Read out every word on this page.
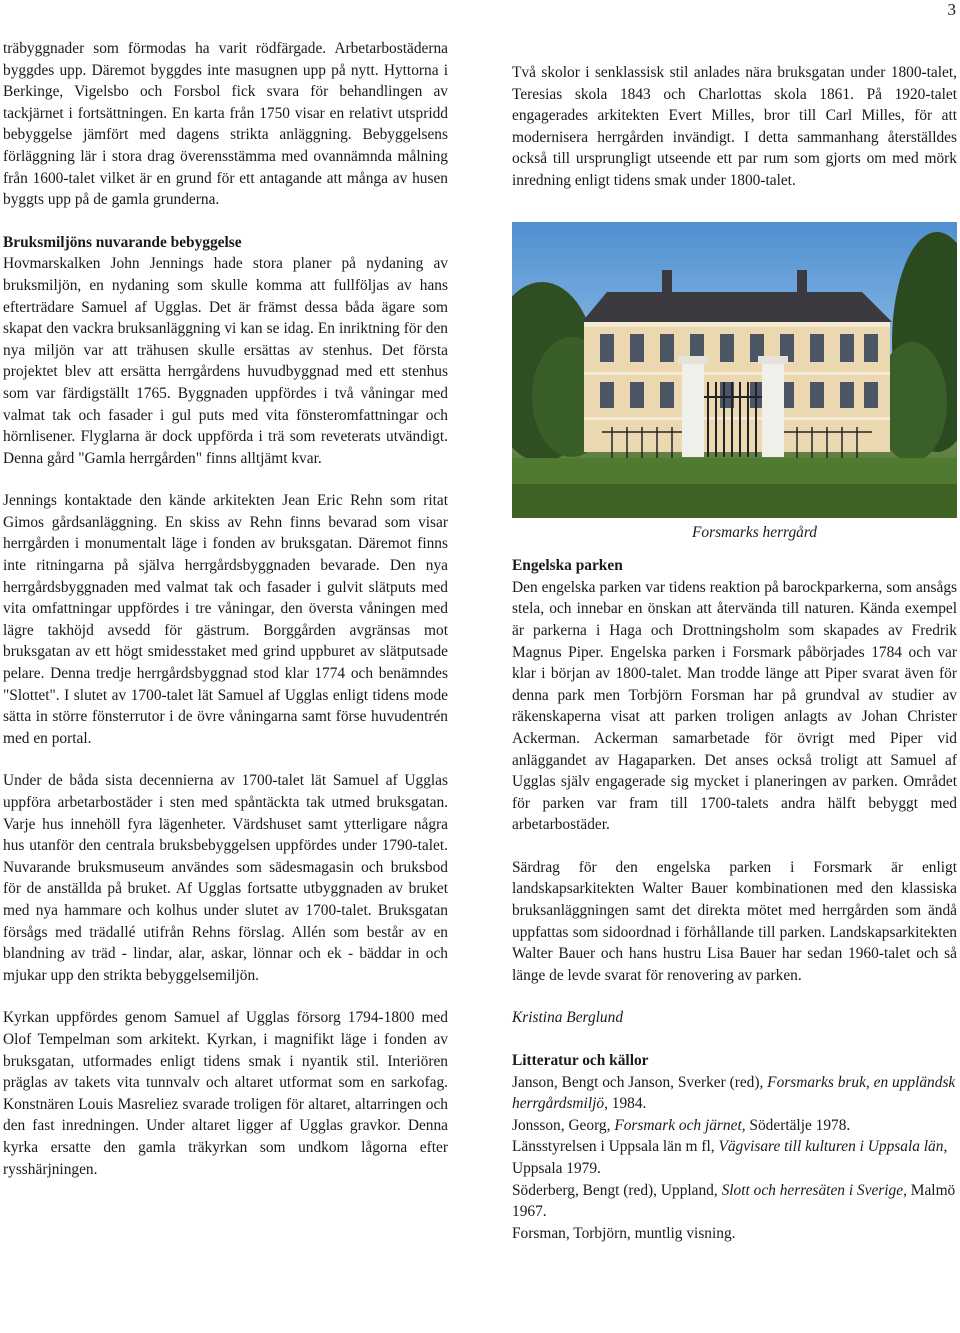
3

träbyggnader som förmodas ha varit rödfärgade. Arbetarbostäderna byggdes upp. Däremot byggdes inte masugnen upp på nytt. Hyttorna i Berkinge, Vigelsbo och Forsbol fick svara för behandlingen av tackjärnet i fortsättningen. En karta från 1750 visar en relativt utspridd bebyggelse jämfört med dagens strikta anläggning. Bebyggelsens förläggning lär i stora drag överensstämma med ovannämnda målning från 1600-talet vilket är en grund för ett antagande att många av husen byggts upp på de gamla grunderna.

Bruksmiljöns nuvarande bebyggelse

Hovmarskalken John Jennings hade stora planer på nydaning av bruksmiljön, en nydaning som skulle komma att fullföljas av hans efterträdare Samuel af Ugglas. Det är främst dessa båda ägare som skapat den vackra bruksanläggning vi kan se idag. En inriktning för den nya miljön var att trähusen skulle ersättas av stenhus. Det första projektet blev att ersätta herrgårdens huvudbyggnad med ett stenhus som var färdigställt 1765. Byggnaden uppfördes i två våningar med valmat tak och fasader i gul puts med vita fönsteromfattningar och hörnlisener. Flyglarna är dock uppförda i trä som reveterats utvändigt. Denna gård "Gamla herrgården" finns alltjämt kvar.

Jennings kontaktade den kände arkitekten Jean Eric Rehn som ritat Gimos gårdsanläggning. En skiss av Rehn finns bevarad som visar herrgården i monumentalt läge i fonden av bruksgatan. Däremot finns inte ritningarna på själva herrgårdsbyggnaden bevarade. Den nya herrgårdsbyggnaden med valmat tak och fasader i gulvit slätputs med vita omfattningar uppfördes i tre våningar, den översta våningen med lägre takhöjd avsedd för gästrum. Borggården avgränsas mot bruksgatan av ett högt smidesstaket med grind uppburet av slätputsade pelare. Denna tredje herrgårdsbyggnad stod klar 1774 och benämndes "Slottet". I slutet av 1700-talet lät Samuel af Ugglas enligt tidens mode sätta in större fönsterrutor i de övre våningarna samt förse huvudentrén med en portal.

Under de båda sista decennierna av 1700-talet lät Samuel af Ugglas uppföra arbetarbostäder i sten med spåntäckta tak utmed bruksgatan. Varje hus innehöll fyra lägenheter. Värdshuset samt ytterligare några hus utanför den centrala bruksbebyggelsen uppfördes under 1790-talet. Nuvarande bruksmuseum användes som sädesmagasin och bruksbod för de anställda på bruket. Af Ugglas fortsatte utbyggnaden av bruket med nya hammare och kolhus under slutet av 1700-talet. Bruksgatan försågs med trädallé utifrån Rehns förslag. Allén som består av en blandning av träd - lindar, alar, askar, lönnar och ek - bäddar in och mjukar upp den strikta bebyggelsemiljön.

Kyrkan uppfördes genom Samuel af Ugglas försorg 1794-1800 med Olof Tempelman som arkitekt. Kyrkan, i magnifikt läge i fonden av bruksgatan, utformades enligt tidens smak i nyantik stil. Interiören präglas av takets vita tunnvalv och altaret utformat som en sarkofag. Konstnären Louis Masreliez svarade troligen för altaret, altarringen och den fast inredningen. Under altaret ligger af Ugglas gravkor. Denna kyrka ersatte den gamla träkyrkan som undkom lågorna efter rysshärjningen.

Två skolor i senklassisk stil anlades nära bruksgatan under 1800-talet, Teresias skola 1843 och Charlottas skola 1861. På 1920-talet engagerades arkitekten Evert Milles, bror till Carl Milles, för att modernisera herrgården invändigt. I detta sammanhang återställdes också till ursprungligt utseende ett par rum som gjorts om med mörk inredning enligt tidens smak under 1800-talet.

Forsmarks herrgård
Engelska parken

Den engelska parken var tidens reaktion på barockparkerna, som ansågs stela, och innebar en önskan att återvända till naturen. Kända exempel är parkerna i Haga och Drottningsholm som skapades av Fredrik Magnus Piper. Engelska parken i Forsmark påbörjades 1784 och var klar i början av 1800-talet. Man trodde länge att Piper svarat även för denna park men Torbjörn Forsman har på grundval av studier av räkenskaperna visat att parken troligen anlagts av Johan Christer Ackerman. Ackerman samarbetade för övrigt med Piper vid anläggandet av Hagaparken. Det anses också troligt att Samuel af Ugglas själv engagerade sig mycket i planeringen av parken. Området för parken var fram till 1700-talets andra hälft bebyggt med arbetarbostäder.

Särdrag för den engelska parken i Forsmark är enligt landskapsarkitekten Walter Bauer kombinationen med den klassiska bruksanläggningen samt det direkta mötet med herrgården som ändå uppfattas som sidoordnad i förhållande till parken. Landskapsarkitekten Walter Bauer och hans hustru Lisa Bauer har sedan 1960-talet och så länge de levde svarat för renovering av parken.

Kristina Berglund

Litteratur och källor

Janson, Bengt och Janson, Sverker (red), Forsmarks bruk, en uppländsk herrgårdsmiljö, 1984.

Jonsson, Georg, Forsmark och järnet, Södertälje 1978.

Länsstyrelsen i Uppsala län m fl, Vägvisare till kulturen i Uppsala län, Uppsala 1979.

Söderberg, Bengt (red), Uppland, Slott och herresäten i Sverige, Malmö 1967.

Forsman, Torbjörn, muntlig visning.
